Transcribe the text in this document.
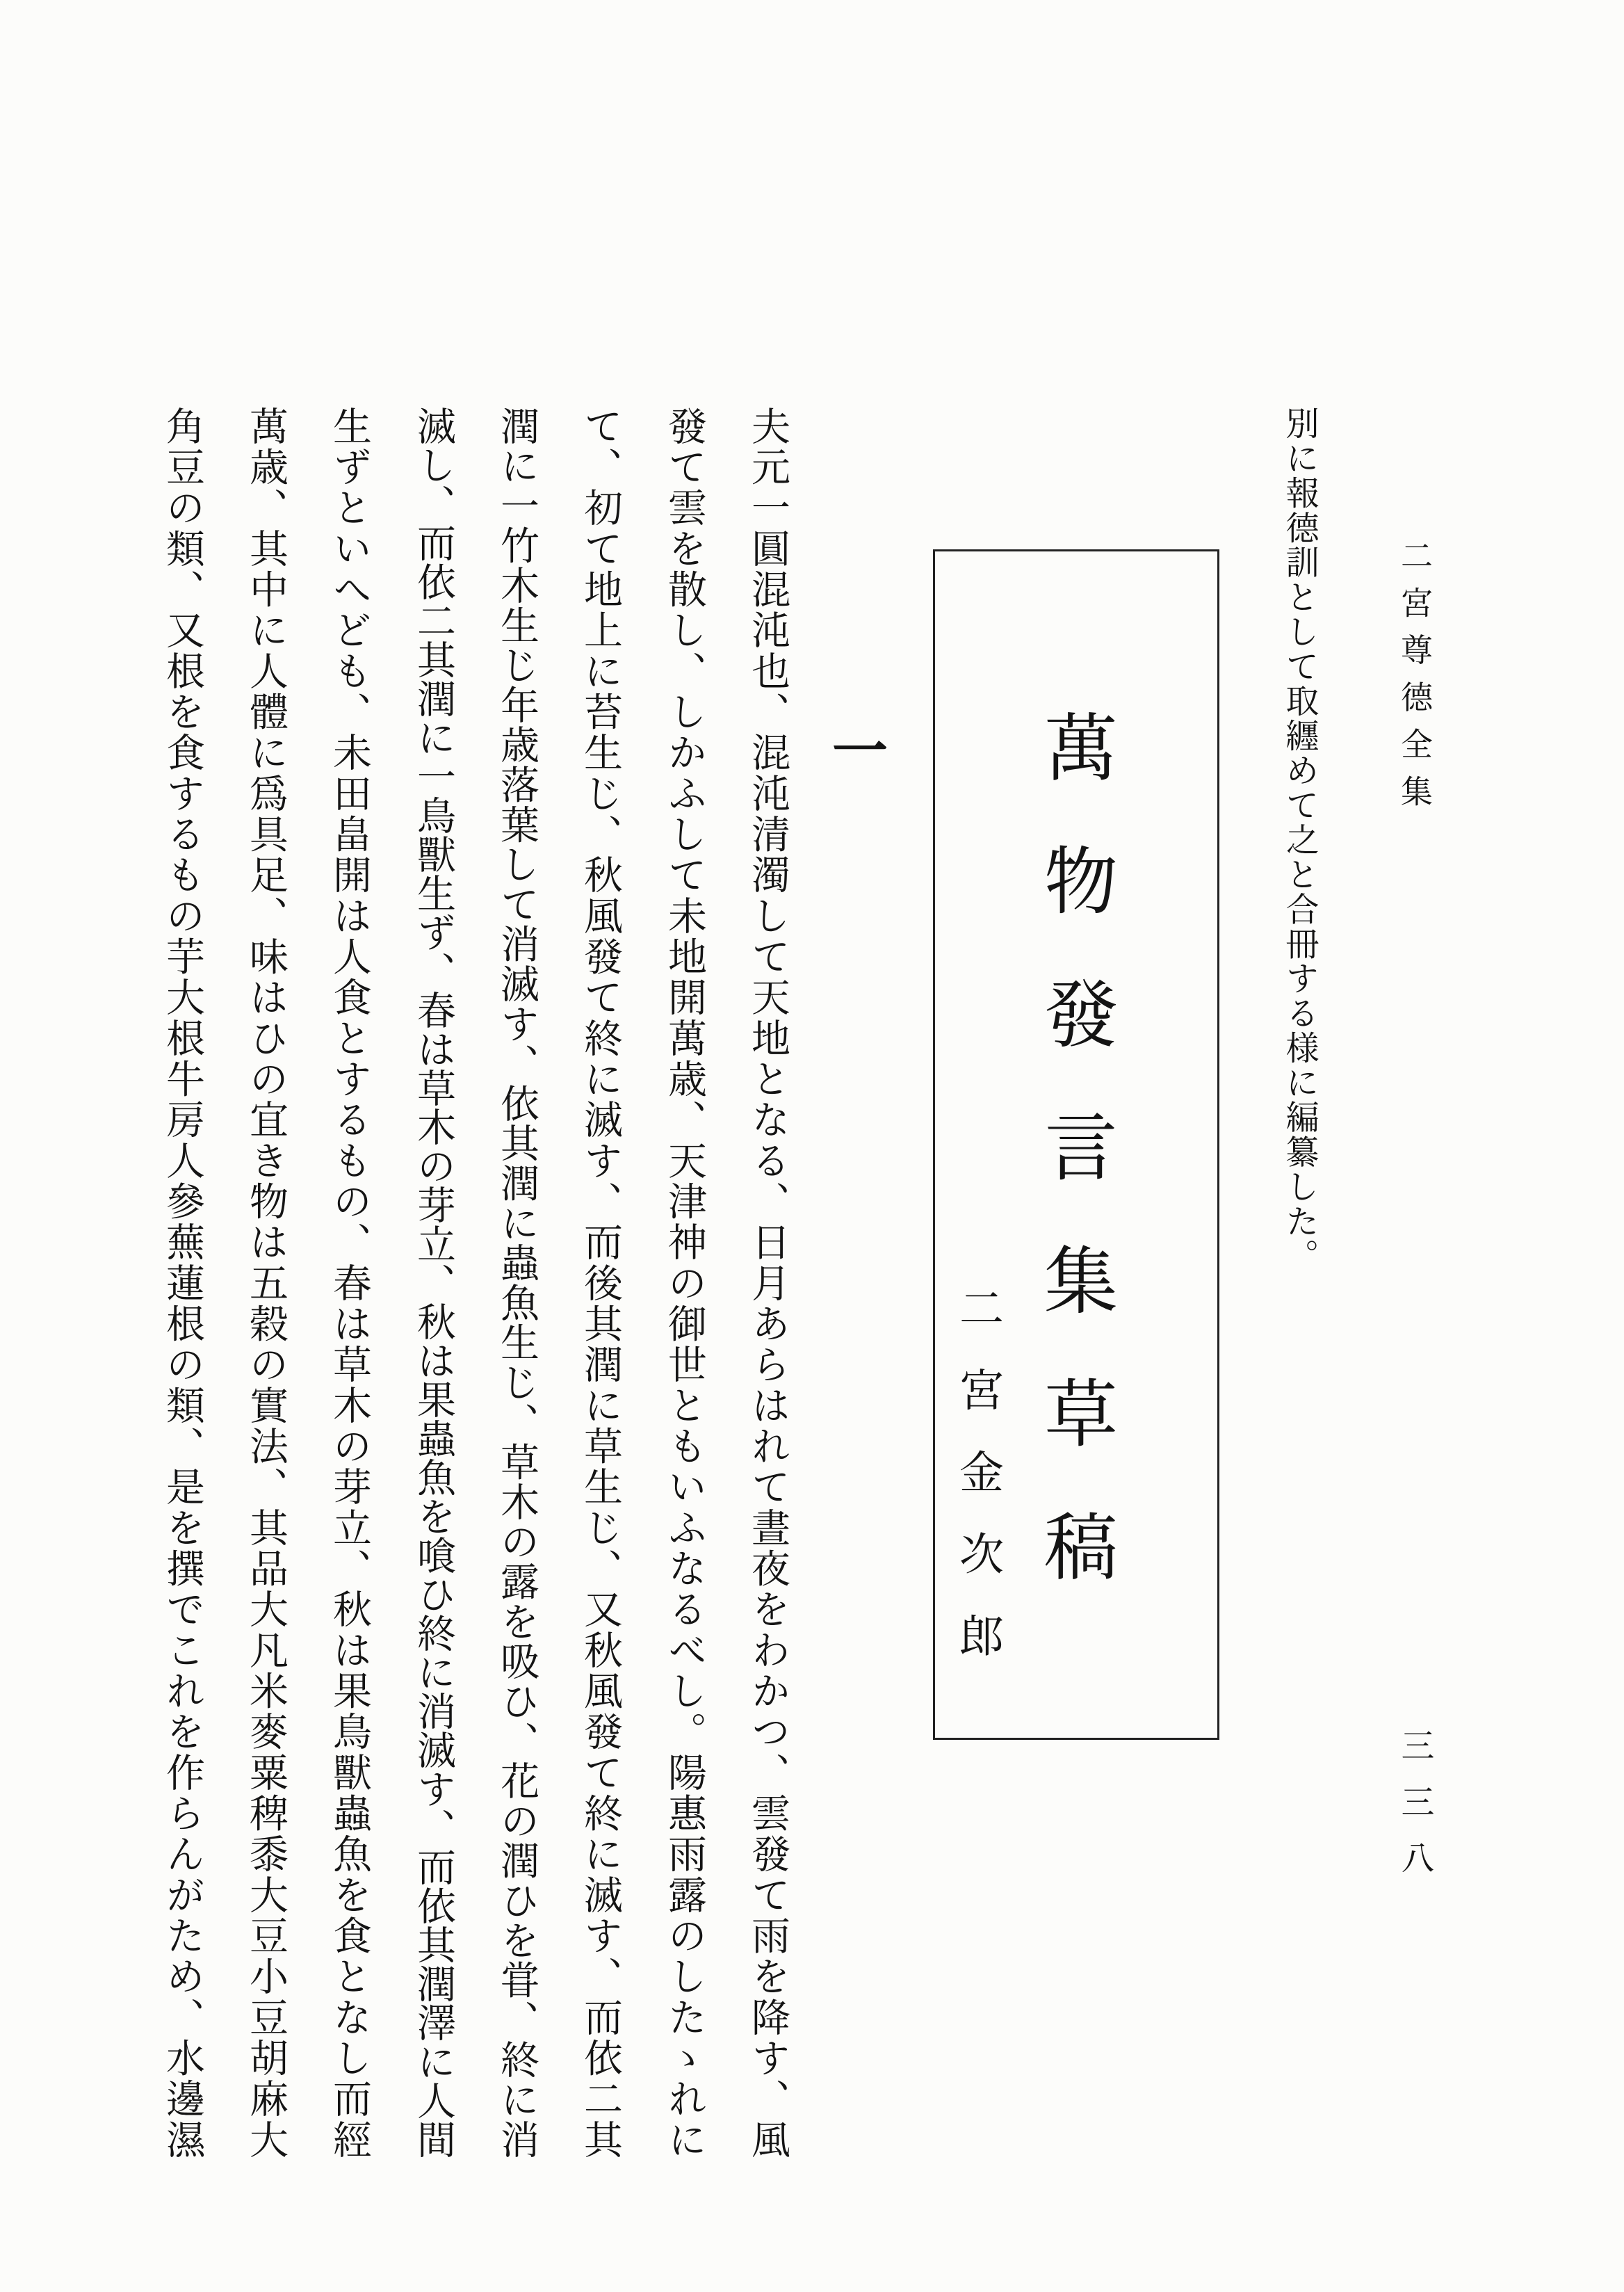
二宮尊德全集
三三八
別に報德訓として取纒めて之と合冊する様に編纂した。
萬物發言集草稿
二宮金次郎
一
夫元一圓混沌也、混沌清濁して天地となる、日月あらはれて晝夜をわかつ、雲發て雨を降す、風
發て雲を散し、しかふして未地開萬歳、天津神の御世ともいふなるべし。陽惠雨露のしたゝれに
て、初て地上に苔生じ、秋風發て終に滅す、而後其潤に草生じ、又秋風發て終に滅す、而依二其
潤に一竹木生じ年歳落葉して消滅す、依其潤に蟲魚生じ、草木の露を吸ひ、花の潤ひを甞、終に消
滅し、而依二其潤に一鳥獸生ず、春は草木の芽立、秋は果蟲魚を喰ひ終に消滅す、而依其潤澤に人間
生ずといへども、未田畠開は人食とするもの、春は草木の芽立、秋は果鳥獸蟲魚を食となし而經
萬歳、其中に人體に爲具足、味はひの宜き物は五穀の實法、其品大凡米麥粟稗黍大豆小豆胡麻大
角豆の類、又根を食するもの芋大根牛房人參蕪蓮根の類、是を撰でこれを作らんがため、水邊濕
